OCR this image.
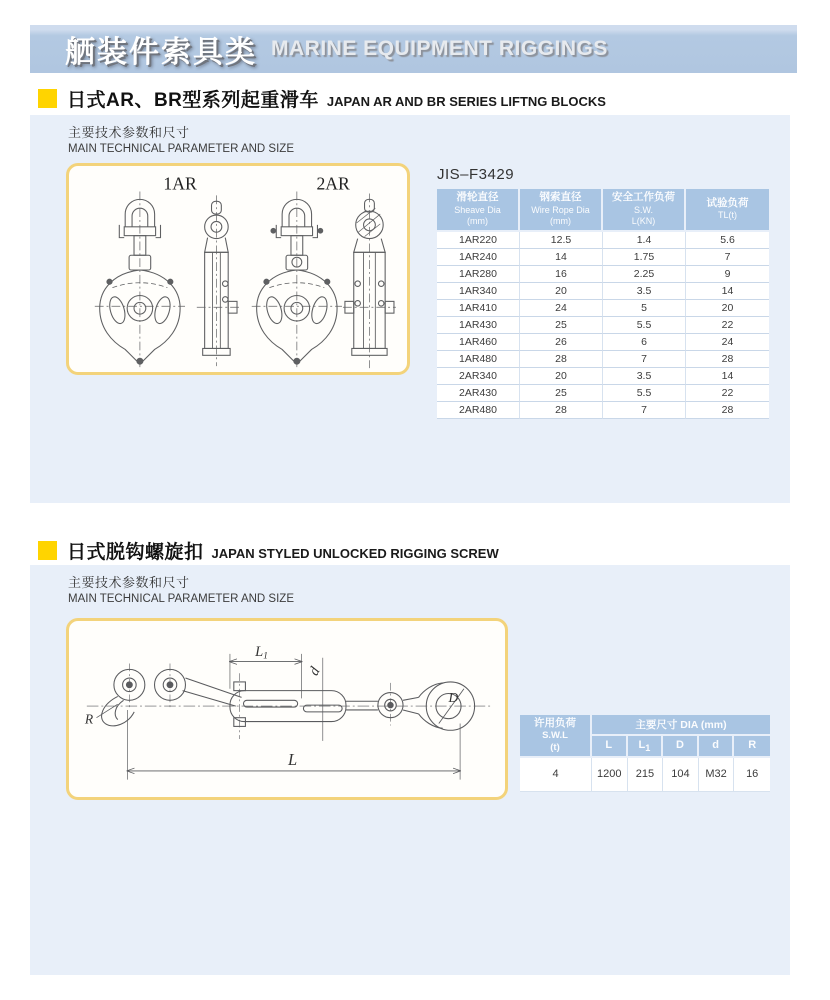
舾装件索具类 MARINE EQUIPMENT RIGGINGS
日式AR、BR型系列起重滑车 JAPAN AR AND BR SERIES LIFTNG BLOCKS
主要技术参数和尺寸
MAIN TECHNICAL PARAMETER AND SIZE
1AR	2AR	JIS–F3429
滑轮直径
Sheave Dia
(mm)	钢索直径
Wire Rope Dia
(mm)	安全工作负荷
S.W.
L(KN)	试验负荷
TL(t)

1AR220	12.5	1.4	5.6
1AR240	14	1.75	7
1AR280	16	2.25	9
1AR340	20	3.5	14
1AR410	24	5	20
1AR430	25	5.5	22
1AR460	26	6	24
1AR480	28	7	28
2AR340	20	3.5	14
2AR430	25	5.5	22
2AR480	28	7	28
日式脱钩螺旋扣 JAPAN STYLED UNLOCKED RIGGING SCREW
主要技术参数和尺寸
MAIN TECHNICAL PARAMETER AND SIZE
$L_1$
d
L
R
D
许用负荷
S.W.L
(t)	主要尺寸 DIA (mm)				
	L	$L_1$	D	d	R
4	1200	215	104	M32	16
